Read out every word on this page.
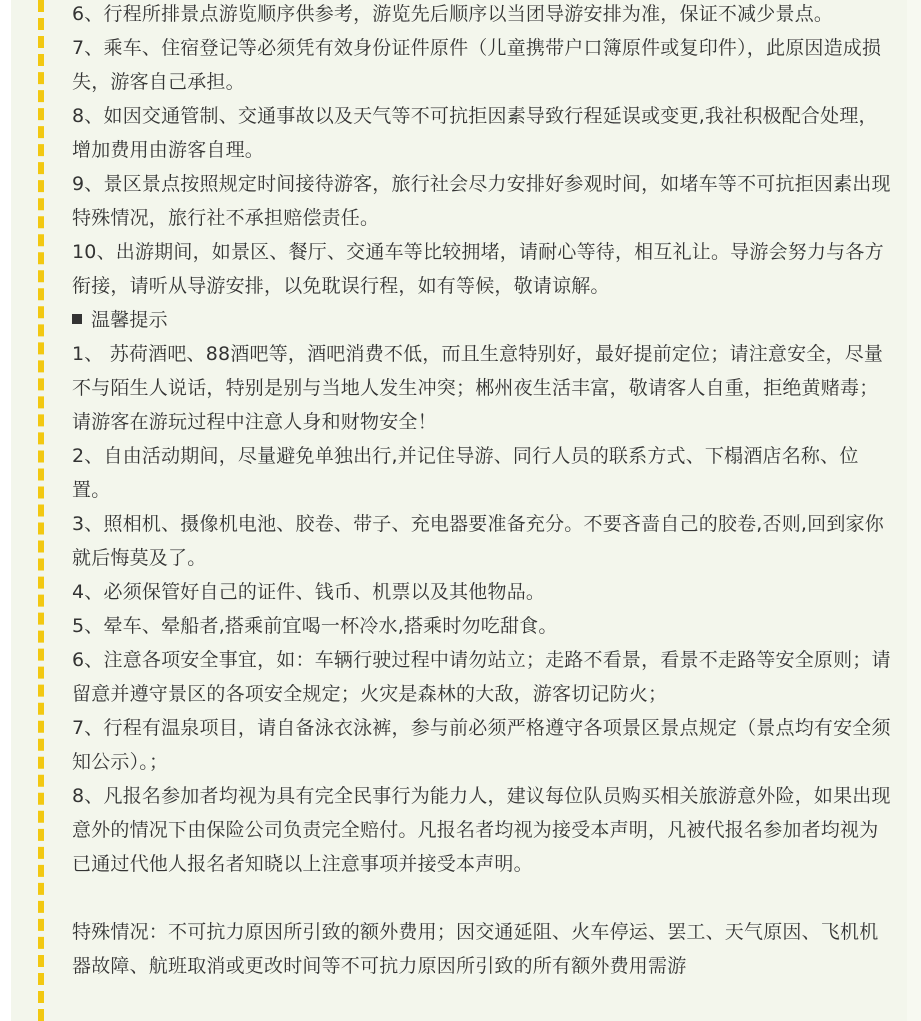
6、行程所排景点游览顺序供参考，游览先后顺序以当团导游安排为准，保证不减少景点。

7、乘车、住宿登记等必须凭有效身份证件原件（儿童携带户口簿原件或复印件），此原因造成损失，游客自己承担。

8、如因交通管制、交通事故以及天气等不可抗拒因素导致行程延误或变更,我社积极配合处理，增加费用由游客自理。

9、景区景点按照规定时间接待游客，旅行社会尽力安排好参观时间，如堵车等不可抗拒因素出现特殊情况，旅行社不承担赔偿责任。

10、出游期间，如景区、餐厅、交通车等比较拥堵，请耐心等待，相互礼让。导游会努力与各方衔接，请听从导游安排，以免耽误行程，如有等候，敬请谅解。

温馨提示

1、 苏荷酒吧、88酒吧等，酒吧消费不低，而且生意特别好，最好提前定位；请注意安全，尽量不与陌生人说话，特别是别与当地人发生冲突；郴州夜生活丰富，敬请客人自重，拒绝黄赌毒；请游客在游玩过程中注意人身和财物安全！

2、自由活动期间，尽量避免单独出行,并记住导游、同行人员的联系方式、下榻酒店名称、位置。

3、照相机、摄像机电池、胶卷、带子、充电器要准备充分。不要吝啬自己的胶卷,否则,回到家你就后悔莫及了。

4、必须保管好自己的证件、钱币、机票以及其他物品。

5、晕车、晕船者,搭乘前宜喝一杯冷水,搭乘时勿吃甜食。

6、注意各项安全事宜，如：车辆行驶过程中请勿站立；走路不看景，看景不走路等安全原则；请留意并遵守景区的各项安全规定；火灾是森林的大敌，游客切记防火；

7、行程有温泉项目，请自备泳衣泳裤，参与前必须严格遵守各项景区景点规定（景点均有安全须知公示）。；

8、凡报名参加者均视为具有完全民事行为能力人，建议每位队员购买相关旅游意外险，如果出现意外的情况下由保险公司负责完全赔付。凡报名者均视为接受本声明，凡被代报名参加者均视为已通过代他人报名者知晓以上注意事项并接受本声明。

特殊情况：不可抗力原因所引致的额外费用；因交通延阻、火车停运、罢工、天气原因、飞机机器故障、航班取消或更改时间等不可抗力原因所引致的所有额外费用需游
